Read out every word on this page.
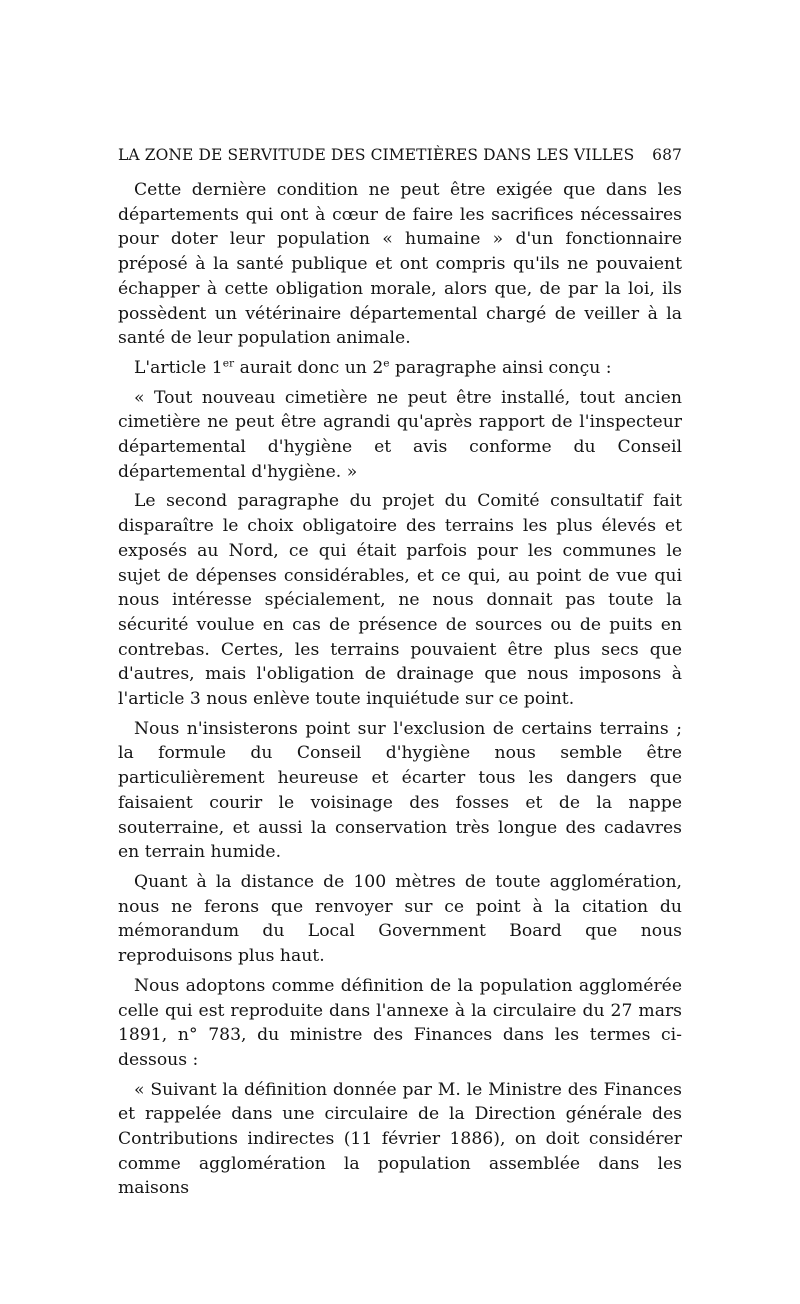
LA ZONE DE SERVITUDE DES CIMETIÈRES DANS LES VILLES 687

Cette dernière condition ne peut être exigée que dans les départements qui ont à cœur de faire les sacrifices nécessaires pour doter leur population « humaine » d'un fonctionnaire préposé à la santé publique et ont compris qu'ils ne pouvaient échapper à cette obligation morale, alors que, de par la loi, ils possèdent un vétérinaire départemental chargé de veiller à la santé de leur population animale.

L'article 1er aurait donc un 2e paragraphe ainsi conçu :

« Tout nouveau cimetière ne peut être installé, tout ancien cimetière ne peut être agrandi qu'après rapport de l'inspecteur départemental d'hygiène et avis conforme du Conseil départemental d'hygiène. »

Le second paragraphe du projet du Comité consultatif fait disparaître le choix obligatoire des terrains les plus élevés et exposés au Nord, ce qui était parfois pour les communes le sujet de dépenses considérables, et ce qui, au point de vue qui nous intéresse spécialement, ne nous donnait pas toute la sécurité voulue en cas de présence de sources ou de puits en contrebas. Certes, les terrains pouvaient être plus secs que d'autres, mais l'obligation de drainage que nous imposons à l'article 3 nous enlève toute inquiétude sur ce point.

Nous n'insisterons point sur l'exclusion de certains terrains ; la formule du Conseil d'hygiène nous semble être particulièrement heureuse et écarter tous les dangers que faisaient courir le voisinage des fosses et de la nappe souterraine, et aussi la conservation très longue des cadavres en terrain humide.

Quant à la distance de 100 mètres de toute agglomération, nous ne ferons que renvoyer sur ce point à la citation du mémorandum du Local Government Board que nous reproduisons plus haut.

Nous adoptons comme définition de la population agglomérée celle qui est reproduite dans l'annexe à la circulaire du 27 mars 1891, n° 783, du ministre des Finances dans les termes ci-dessous :

« Suivant la définition donnée par M. le Ministre des Finances et rappelée dans une circulaire de la Direction générale des Contributions indirectes (11 février 1886), on doit considérer comme agglomération la population assemblée dans les maisons
